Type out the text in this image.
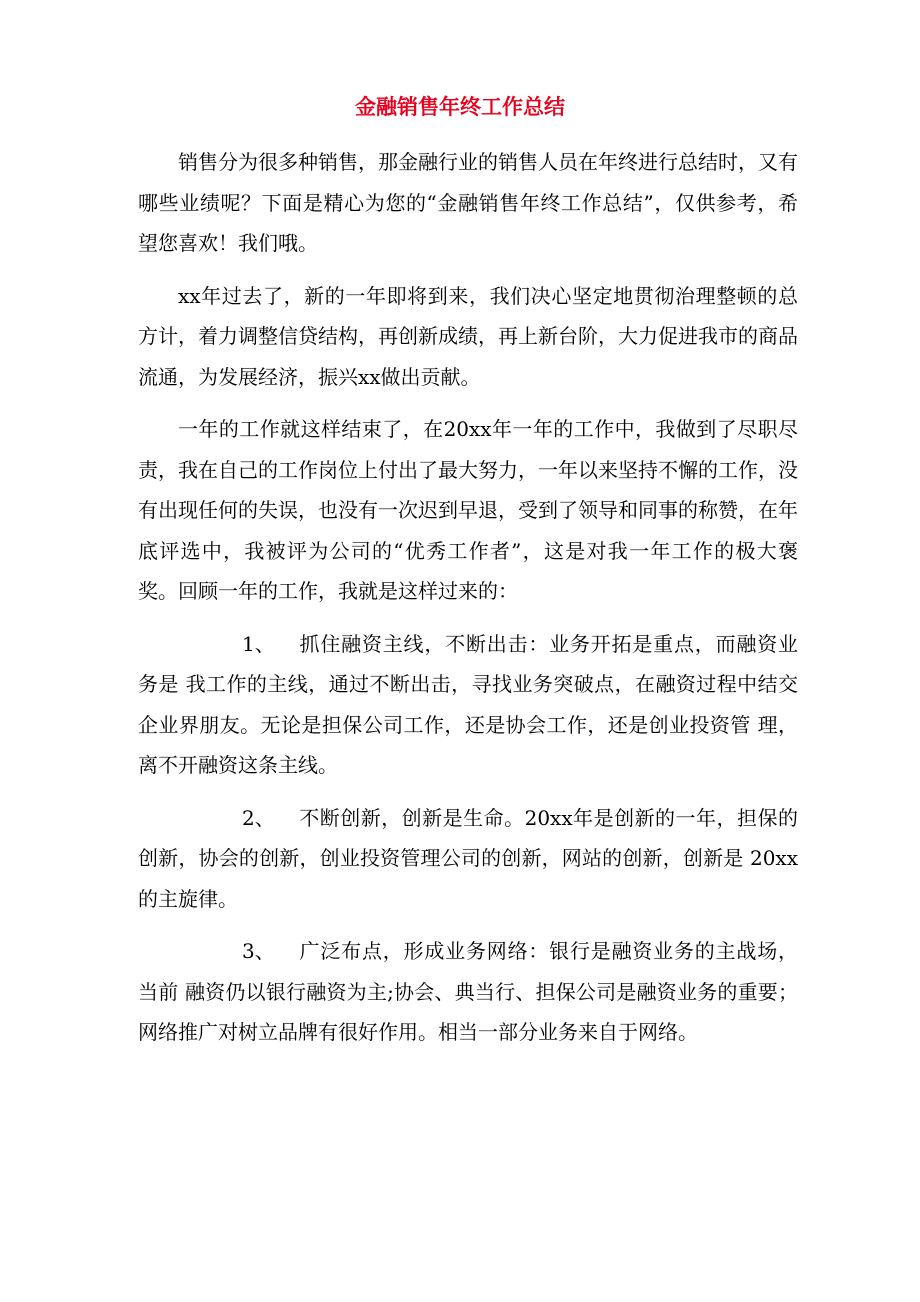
金融销售年终工作总结

销售分为很多种销售，那金融行业的销售人员在年终进行总结时，又有哪些业绩呢？下面是精心为您的“金融销售年终工作总结”，仅供参考，希望您喜欢！我们哦。

xx年过去了，新的一年即将到来，我们决心坚定地贯彻治理整顿的总方计，着力调整信贷结构，再创新成绩，再上新台阶，大力促进我市的商品流通，为发展经济，振兴xx做出贡献。

一年的工作就这样结束了，在20xx年一年的工作中，我做到了尽职尽责，我在自己的工作岗位上付出了最大努力，一年以来坚持不懈的工作，没有出现任何的失误，也没有一次迟到早退，受到了领导和同事的称赞，在年底评选中，我被评为公司的“优秀工作者”，这是对我一年工作的极大褒奖。回顾一年的工作，我就是这样过来的：

1、 抓住融资主线，不断出击：业务开拓是重点，而融资业务是 我工作的主线，通过不断出击，寻找业务突破点，在融资过程中结交 企业界朋友。无论是担保公司工作，还是协会工作，还是创业投资管 理，离不开融资这条主线。

2、 不断创新，创新是生命。20xx年是创新的一年，担保的创新，协会的创新，创业投资管理公司的创新，网站的创新，创新是 20xx的主旋律。

3、 广泛布点，形成业务网络：银行是融资业务的主战场，当前 融资仍以银行融资为主;协会、典当行、担保公司是融资业务的重要； 网络推广对树立品牌有很好作用。相当一部分业务来自于网络。
